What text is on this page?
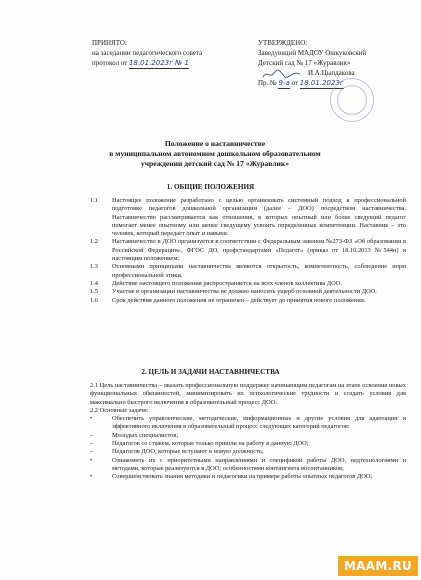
ПРИНЯТО:
на заседании педагогического совета
протокол от 18.01.2023г № 1
УТВЕРЖДЕНО:
Заведующий МАДОУ Ошкуковский
Детский сад № 17 «Журавлик»
И.А.Цыпдакова
Пр. № 9-а от 18.01.2023г
Положение о наставничестве
в муниципальном автономном дошкольном образовательном
учреждении детский сад № 17 «Журавлик»
1. ОБЩИЕ ПОЛОЖЕНИЯ

1.1 Настоящее положение разработано с целью организовать системный подход к профессиональной подготовке педагогов дошкольной организации (далее – ДОО) посредством наставничества. Наставничество рассматривается как отношения, в которых опытный или более сведущий педагог помогает менее опытному или менее сведущему усвоить определенные компетенции. Наставник – это человек, который передает опыт и навыки.

1.2 Наставничество в ДОО организуется в соответствии с Федеральным законом №273-ФЗ «Об образовании в Российской Федерации», ФГОС ДО, профстандартами «Педагог» (приказ от 18.10.2013 №544н) и настоящим положением.

1.3 Основными принципами наставничества являются открытость, компетентность, соблюдение норм профессиональной этики.

1.4 Действие настоящего положения распространяется на всех членов коллектива ДОО.

1.5 Участие в организации наставничества не должно наносить ущерб основной деятельности ДОО.

1.6 Срок действия данного положения не ограничен – действует до принятия нового положения.

2. ЦЕЛЬ И ЗАДАЧИ НАСТАВНИЧЕСТВА

2.1 Цель наставничества – оказать профессиональную поддержку начинающим педагогам на этапе освоения новых функциональных обязанностей, минимизировать их психологические трудности и создать условия для максимально быстрого включения в образовательный процесс ДОО.

2.2 Основные задачи:

•	Обеспечить управленческие, методические, информационные и другие условия для адаптации и эффективного включения в образовательный процесс следующих категорий педагогов:

–	Молодых специалистов;

–	Педагогов со стажем, которые только пришли на работу в данную ДОО;

–	Педагогов ДОО, которые вступают в новую должность;

•	Ознакомить их с приоритетными направлениями и спецификой работы ДОО, педтехнологиями и методами, которые реализуются в ДОО; особенностями контингента воспитанников;

•	Совершенствовать знания методики и педагогики на примере работы опытных педагогов ДОО;

MAAM.RU
